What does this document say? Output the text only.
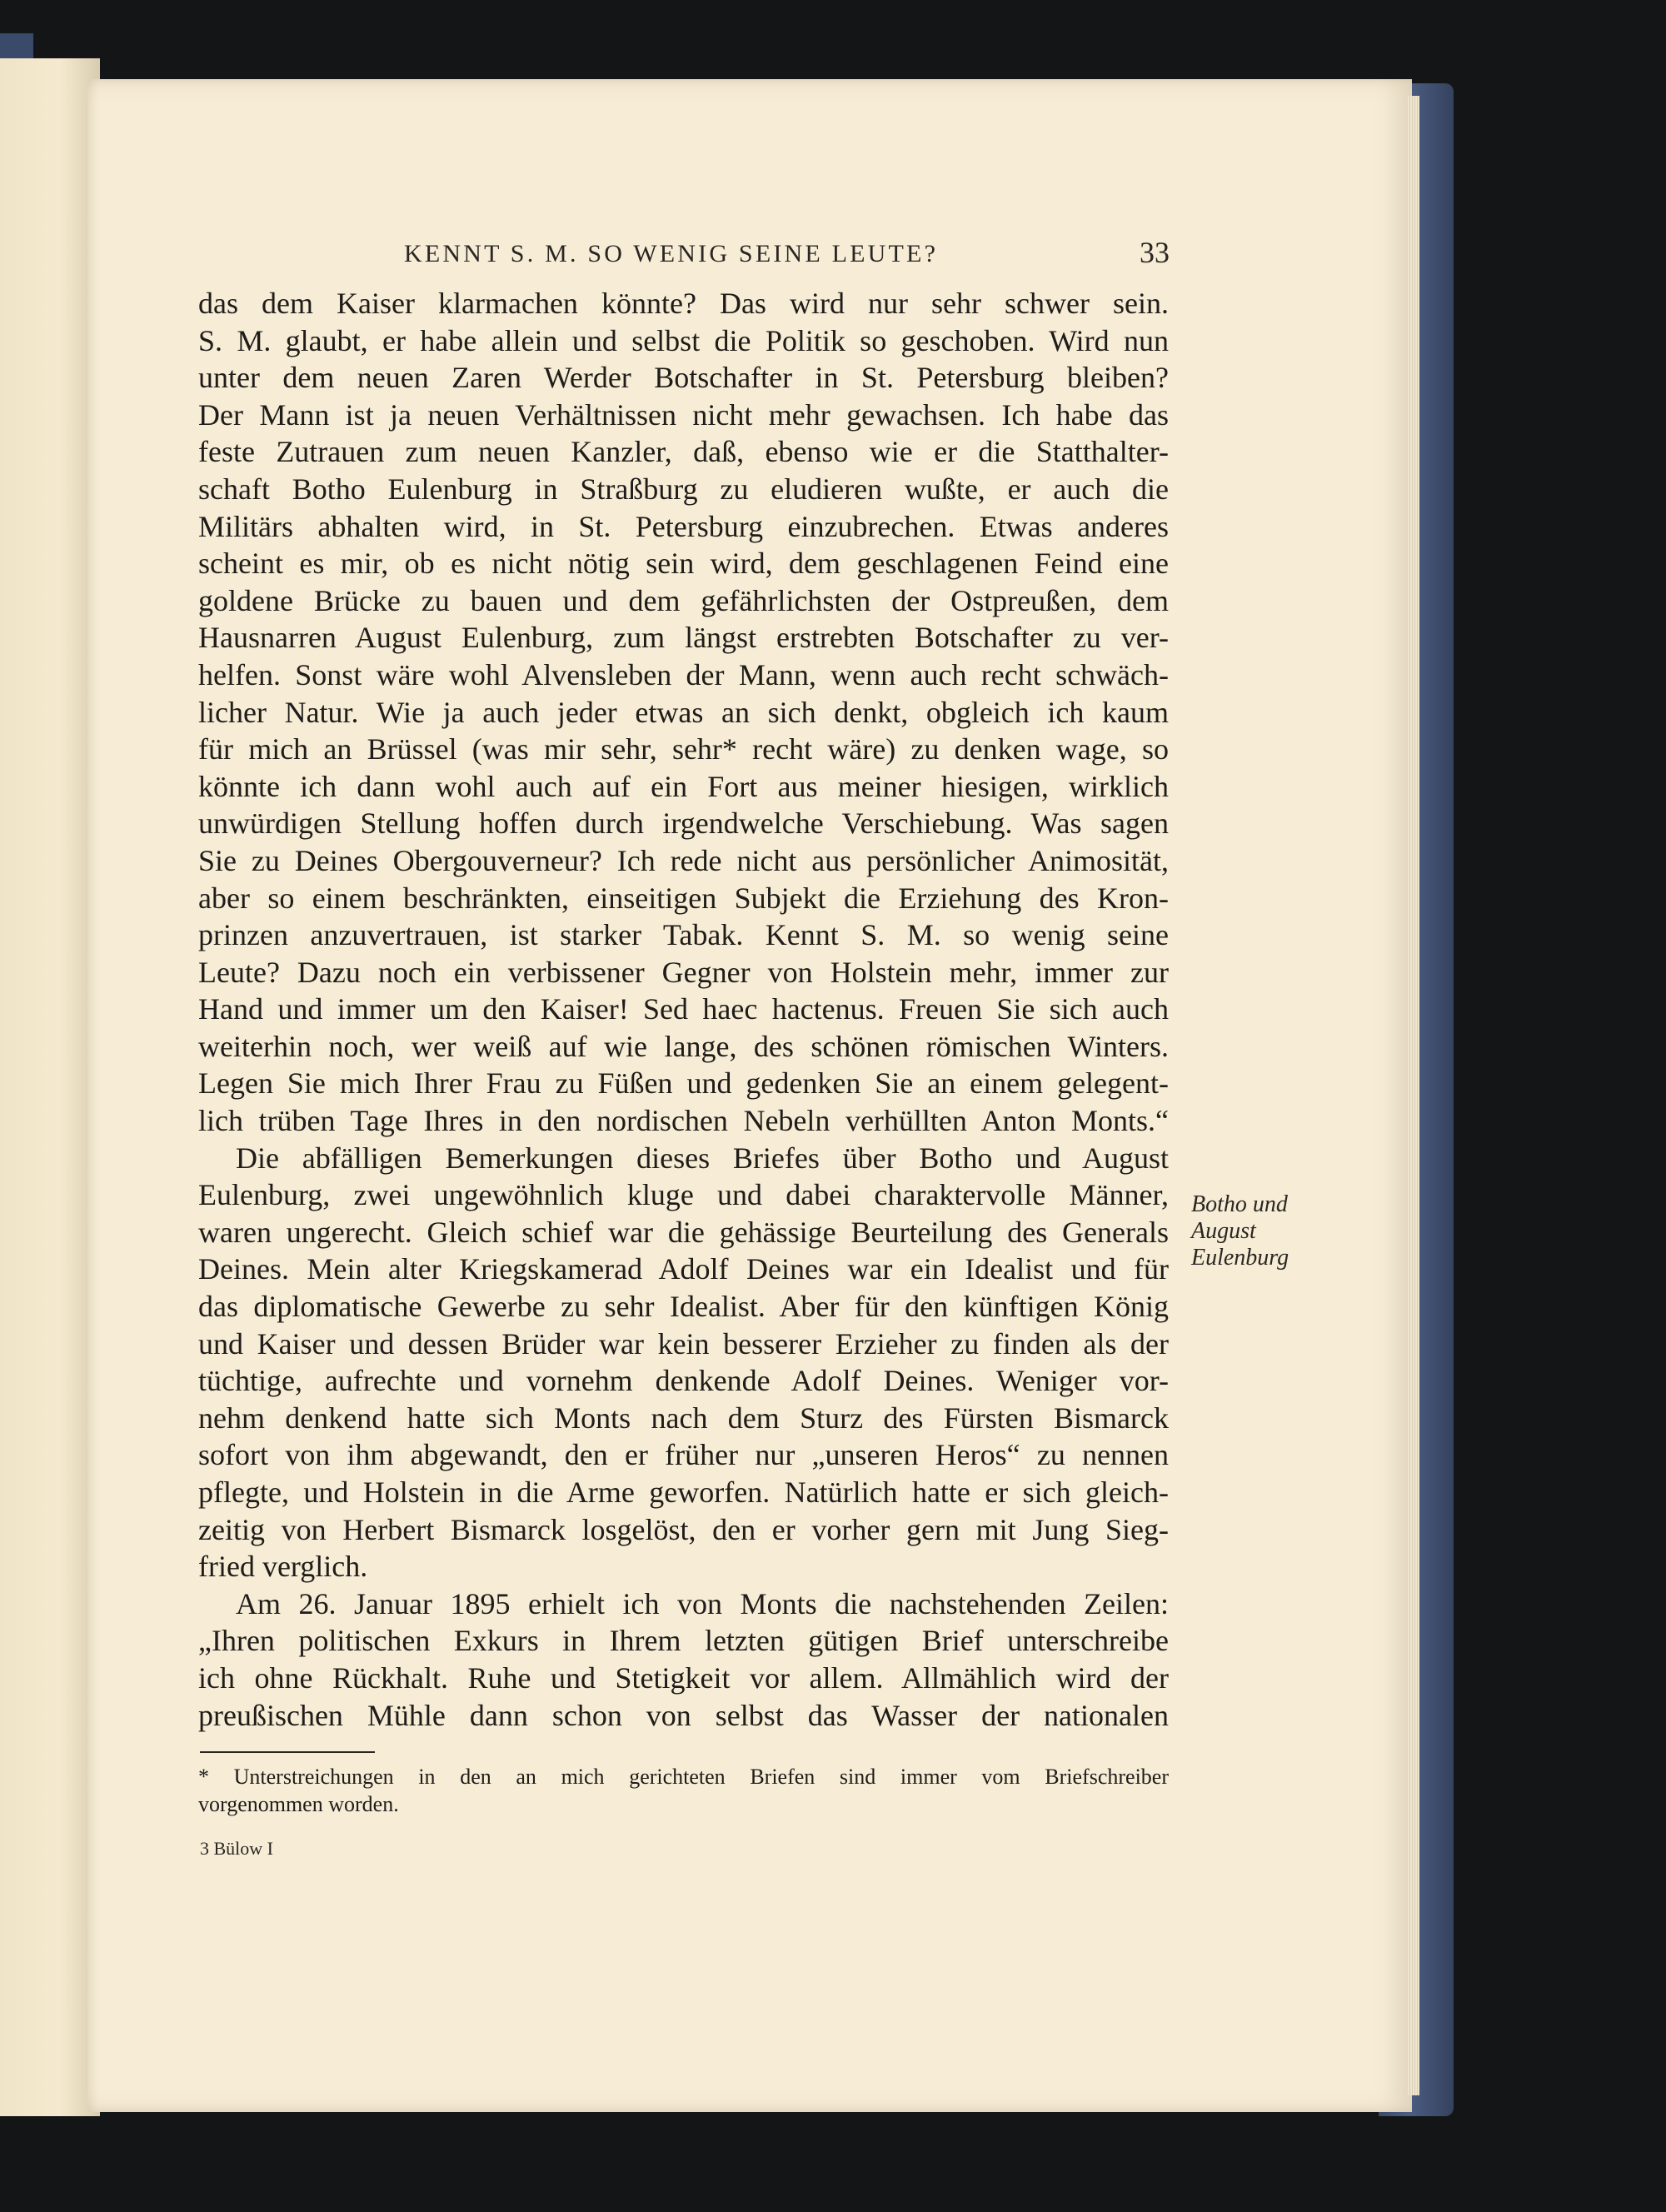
KENNT S. M. SO WENIG SEINE LEUTE?	33
das dem Kaiser klarmachen könnte? Das wird nur sehr schwer sein.
S. M. glaubt, er habe allein und selbst die Politik so geschoben. Wird nun
unter dem neuen Zaren Werder Botschafter in St. Petersburg bleiben?
Der Mann ist ja neuen Verhältnissen nicht mehr gewachsen. Ich habe das
feste Zutrauen zum neuen Kanzler, daß, ebenso wie er die Statthalter-
schaft Botho Eulenburg in Straßburg zu eludieren wußte, er auch die
Militärs abhalten wird, in St. Petersburg einzubrechen. Etwas anderes
scheint es mir, ob es nicht nötig sein wird, dem geschlagenen Feind eine
goldene Brücke zu bauen und dem gefährlichsten der Ostpreußen, dem
Hausnarren August Eulenburg, zum längst erstrebten Botschafter zu ver-
helfen. Sonst wäre wohl Alvensleben der Mann, wenn auch recht schwäch-
licher Natur. Wie ja auch jeder etwas an sich denkt, obgleich ich kaum
für mich an Brüssel (was mir sehr, sehr* recht wäre) zu denken wage, so
könnte ich dann wohl auch auf ein Fort aus meiner hiesigen, wirklich
unwürdigen Stellung hoffen durch irgendwelche Verschiebung. Was sagen
Sie zu Deines Obergouverneur? Ich rede nicht aus persönlicher Animosität,
aber so einem beschränkten, einseitigen Subjekt die Erziehung des Kron-
prinzen anzuvertrauen, ist starker Tabak. Kennt S. M. so wenig seine
Leute? Dazu noch ein verbissener Gegner von Holstein mehr, immer zur
Hand und immer um den Kaiser! Sed haec hactenus. Freuen Sie sich auch
weiterhin noch, wer weiß auf wie lange, des schönen römischen Winters.
Legen Sie mich Ihrer Frau zu Füßen und gedenken Sie an einem gelegent-
lich trüben Tage Ihres in den nordischen Nebeln verhüllten Anton Monts.“
Die abfälligen Bemerkungen dieses Briefes über Botho und August
Eulenburg, zwei ungewöhnlich kluge und dabei charaktervolle Männer,
waren ungerecht. Gleich schief war die gehässige Beurteilung des Generals
Deines. Mein alter Kriegskamerad Adolf Deines war ein Idealist und für
das diplomatische Gewerbe zu sehr Idealist. Aber für den künftigen König
und Kaiser und dessen Brüder war kein besserer Erzieher zu finden als der
tüchtige, aufrechte und vornehm denkende Adolf Deines. Weniger vor-
nehm denkend hatte sich Monts nach dem Sturz des Fürsten Bismarck
sofort von ihm abgewandt, den er früher nur „unseren Heros“ zu nennen
pflegte, und Holstein in die Arme geworfen. Natürlich hatte er sich gleich-
zeitig von Herbert Bismarck losgelöst, den er vorher gern mit Jung Sieg-
fried verglich.
Am 26. Januar 1895 erhielt ich von Monts die nachstehenden Zeilen:
„Ihren politischen Exkurs in Ihrem letzten gütigen Brief unterschreibe
ich ohne Rückhalt. Ruhe und Stetigkeit vor allem. Allmählich wird der
preußischen Mühle dann schon von selbst das Wasser der nationalen
Botho und
August
Eulenburg
* Unterstreichungen in den an mich gerichteten Briefen sind immer vom Briefschreiber
vorgenommen worden.
3 Bülow I
